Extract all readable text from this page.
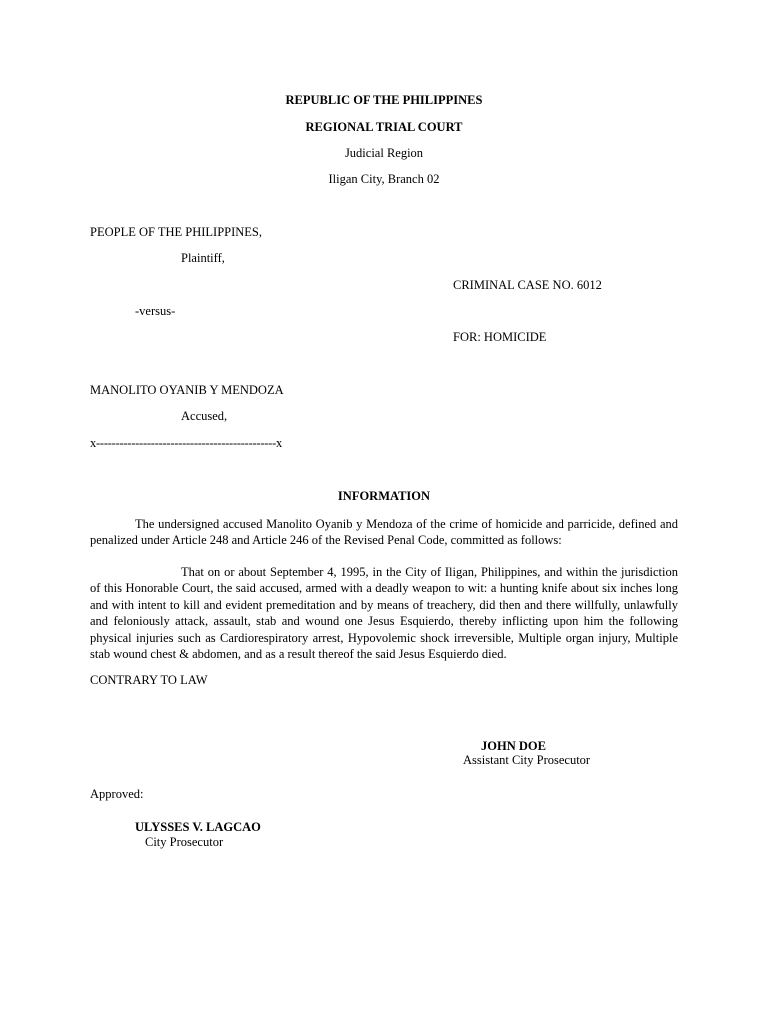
REPUBLIC OF THE PHILIPPINES
REGIONAL TRIAL COURT
Judicial Region
Iligan City, Branch 02
PEOPLE OF THE PHILIPPINES,
Plaintiff,
CRIMINAL CASE NO. 6012
-versus-
FOR: HOMICIDE
MANOLITO OYANIB Y MENDOZA
Accused,
x----------------------------------------------x
INFORMATION
The undersigned accused Manolito Oyanib y Mendoza of the crime of homicide and parricide, defined and penalized under Article 248 and Article 246 of the Revised Penal Code, committed as follows:
That on or about September 4, 1995, in the City of Iligan, Philippines, and within the jurisdiction of this Honorable Court, the said accused, armed with a deadly weapon to wit: a hunting knife about six inches long and with intent to kill and evident premeditation and by means of treachery, did then and there willfully, unlawfully and feloniously attack, assault, stab and wound one Jesus Esquierdo, thereby inflicting upon him the following physical injuries such as Cardiorespiratory arrest, Hypovolemic shock irreversible, Multiple organ injury, Multiple stab wound chest & abdomen, and as a result thereof the said Jesus Esquierdo died.
CONTRARY TO LAW
JOHN DOE
Assistant City Prosecutor
Approved:
ULYSSES V. LAGCAO
City Prosecutor
